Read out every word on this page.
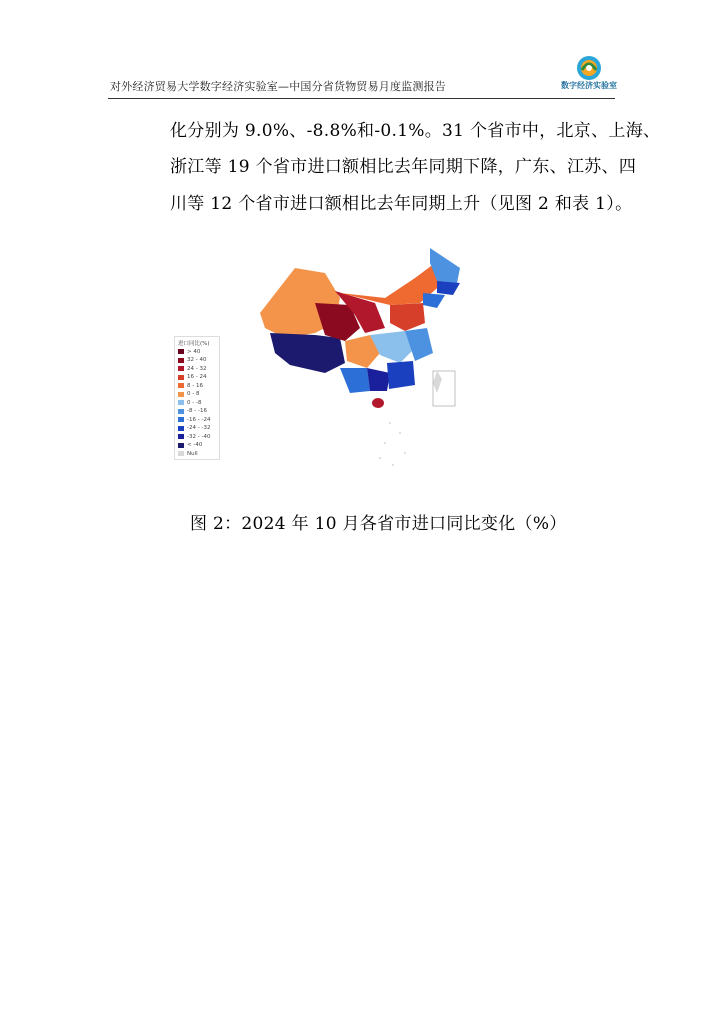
对外经济贸易大学数字经济实验室—中国分省货物贸易月度监测报告	数字经济实验室
化分别为 9.0%、-8.8%和-0.1%。31 个省市中，北京、上海、
浙江等 19 个省市进口额相比去年同期下降，广东、江苏、四
川等 12 个省市进口额相比去年同期上升（见图 2 和表 1）。
进口同比(%)
> 40
32 - 40
24 - 32
16 - 24
8 - 16
0 - 8
0 - -8
-8 - -16
-16 - -24
-24 - -32
-32 - -40
< -40
Null
图 2：2024 年 10 月各省市进口同比变化（%）
